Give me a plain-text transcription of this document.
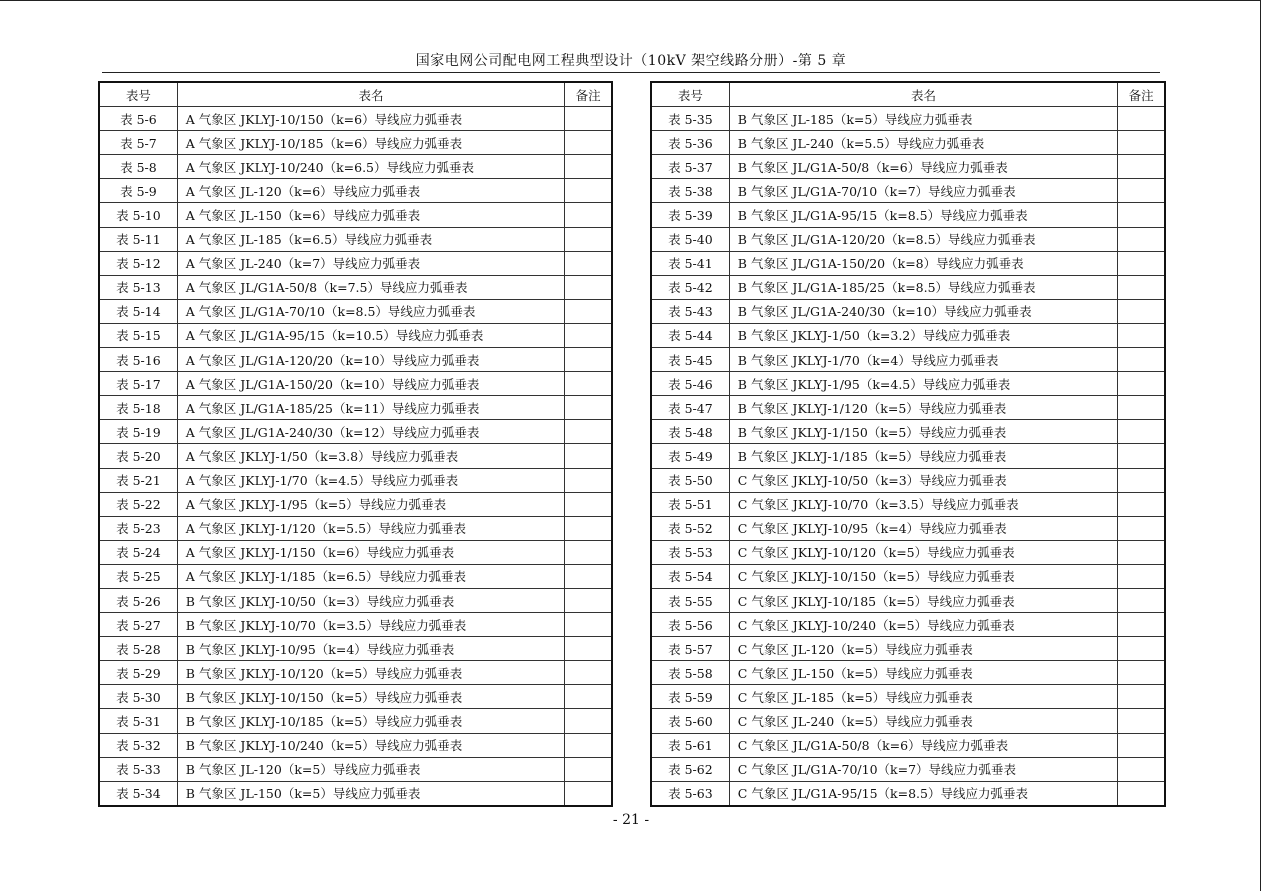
国家电网公司配电网工程典型设计（10kV 架空线路分册）-第 5 章
表号	表名	备注
表 5-6	A 气象区 JKLYJ-10/150（k=6）导线应力弧垂表	
表 5-7	A 气象区 JKLYJ-10/185（k=6）导线应力弧垂表	
表 5-8	A 气象区 JKLYJ-10/240（k=6.5）导线应力弧垂表	
表 5-9	A 气象区 JL-120（k=6）导线应力弧垂表	
表 5-10	A 气象区 JL-150（k=6）导线应力弧垂表	
表 5-11	A 气象区 JL-185（k=6.5）导线应力弧垂表	
表 5-12	A 气象区 JL-240（k=7）导线应力弧垂表	
表 5-13	A 气象区 JL/G1A-50/8（k=7.5）导线应力弧垂表	
表 5-14	A 气象区 JL/G1A-70/10（k=8.5）导线应力弧垂表	
表 5-15	A 气象区 JL/G1A-95/15（k=10.5）导线应力弧垂表	
表 5-16	A 气象区 JL/G1A-120/20（k=10）导线应力弧垂表	
表 5-17	A 气象区 JL/G1A-150/20（k=10）导线应力弧垂表	
表 5-18	A 气象区 JL/G1A-185/25（k=11）导线应力弧垂表	
表 5-19	A 气象区 JL/G1A-240/30（k=12）导线应力弧垂表	
表 5-20	A 气象区 JKLYJ-1/50（k=3.8）导线应力弧垂表	
表 5-21	A 气象区 JKLYJ-1/70（k=4.5）导线应力弧垂表	
表 5-22	A 气象区 JKLYJ-1/95（k=5）导线应力弧垂表	
表 5-23	A 气象区 JKLYJ-1/120（k=5.5）导线应力弧垂表	
表 5-24	A 气象区 JKLYJ-1/150（k=6）导线应力弧垂表	
表 5-25	A 气象区 JKLYJ-1/185（k=6.5）导线应力弧垂表	
表 5-26	B 气象区 JKLYJ-10/50（k=3）导线应力弧垂表	
表 5-27	B 气象区 JKLYJ-10/70（k=3.5）导线应力弧垂表	
表 5-28	B 气象区 JKLYJ-10/95（k=4）导线应力弧垂表	
表 5-29	B 气象区 JKLYJ-10/120（k=5）导线应力弧垂表	
表 5-30	B 气象区 JKLYJ-10/150（k=5）导线应力弧垂表	
表 5-31	B 气象区 JKLYJ-10/185（k=5）导线应力弧垂表	
表 5-32	B 气象区 JKLYJ-10/240（k=5）导线应力弧垂表	
表 5-33	B 气象区 JL-120（k=5）导线应力弧垂表	
表 5-34	B 气象区 JL-150（k=5）导线应力弧垂表	
表号	表名	备注
表 5-35	B 气象区 JL-185（k=5）导线应力弧垂表	
表 5-36	B 气象区 JL-240（k=5.5）导线应力弧垂表	
表 5-37	B 气象区 JL/G1A-50/8（k=6）导线应力弧垂表	
表 5-38	B 气象区 JL/G1A-70/10（k=7）导线应力弧垂表	
表 5-39	B 气象区 JL/G1A-95/15（k=8.5）导线应力弧垂表	
表 5-40	B 气象区 JL/G1A-120/20（k=8.5）导线应力弧垂表	
表 5-41	B 气象区 JL/G1A-150/20（k=8）导线应力弧垂表	
表 5-42	B 气象区 JL/G1A-185/25（k=8.5）导线应力弧垂表	
表 5-43	B 气象区 JL/G1A-240/30（k=10）导线应力弧垂表	
表 5-44	B 气象区 JKLYJ-1/50（k=3.2）导线应力弧垂表	
表 5-45	B 气象区 JKLYJ-1/70（k=4）导线应力弧垂表	
表 5-46	B 气象区 JKLYJ-1/95（k=4.5）导线应力弧垂表	
表 5-47	B 气象区 JKLYJ-1/120（k=5）导线应力弧垂表	
表 5-48	B 气象区 JKLYJ-1/150（k=5）导线应力弧垂表	
表 5-49	B 气象区 JKLYJ-1/185（k=5）导线应力弧垂表	
表 5-50	C 气象区 JKLYJ-10/50（k=3）导线应力弧垂表	
表 5-51	C 气象区 JKLYJ-10/70（k=3.5）导线应力弧垂表	
表 5-52	C 气象区 JKLYJ-10/95（k=4）导线应力弧垂表	
表 5-53	C 气象区 JKLYJ-10/120（k=5）导线应力弧垂表	
表 5-54	C 气象区 JKLYJ-10/150（k=5）导线应力弧垂表	
表 5-55	C 气象区 JKLYJ-10/185（k=5）导线应力弧垂表	
表 5-56	C 气象区 JKLYJ-10/240（k=5）导线应力弧垂表	
表 5-57	C 气象区 JL-120（k=5）导线应力弧垂表	
表 5-58	C 气象区 JL-150（k=5）导线应力弧垂表	
表 5-59	C 气象区 JL-185（k=5）导线应力弧垂表	
表 5-60	C 气象区 JL-240（k=5）导线应力弧垂表	
表 5-61	C 气象区 JL/G1A-50/8（k=6）导线应力弧垂表	
表 5-62	C 气象区 JL/G1A-70/10（k=7）导线应力弧垂表	
表 5-63	C 气象区 JL/G1A-95/15（k=8.5）导线应力弧垂表	
- 21 -
